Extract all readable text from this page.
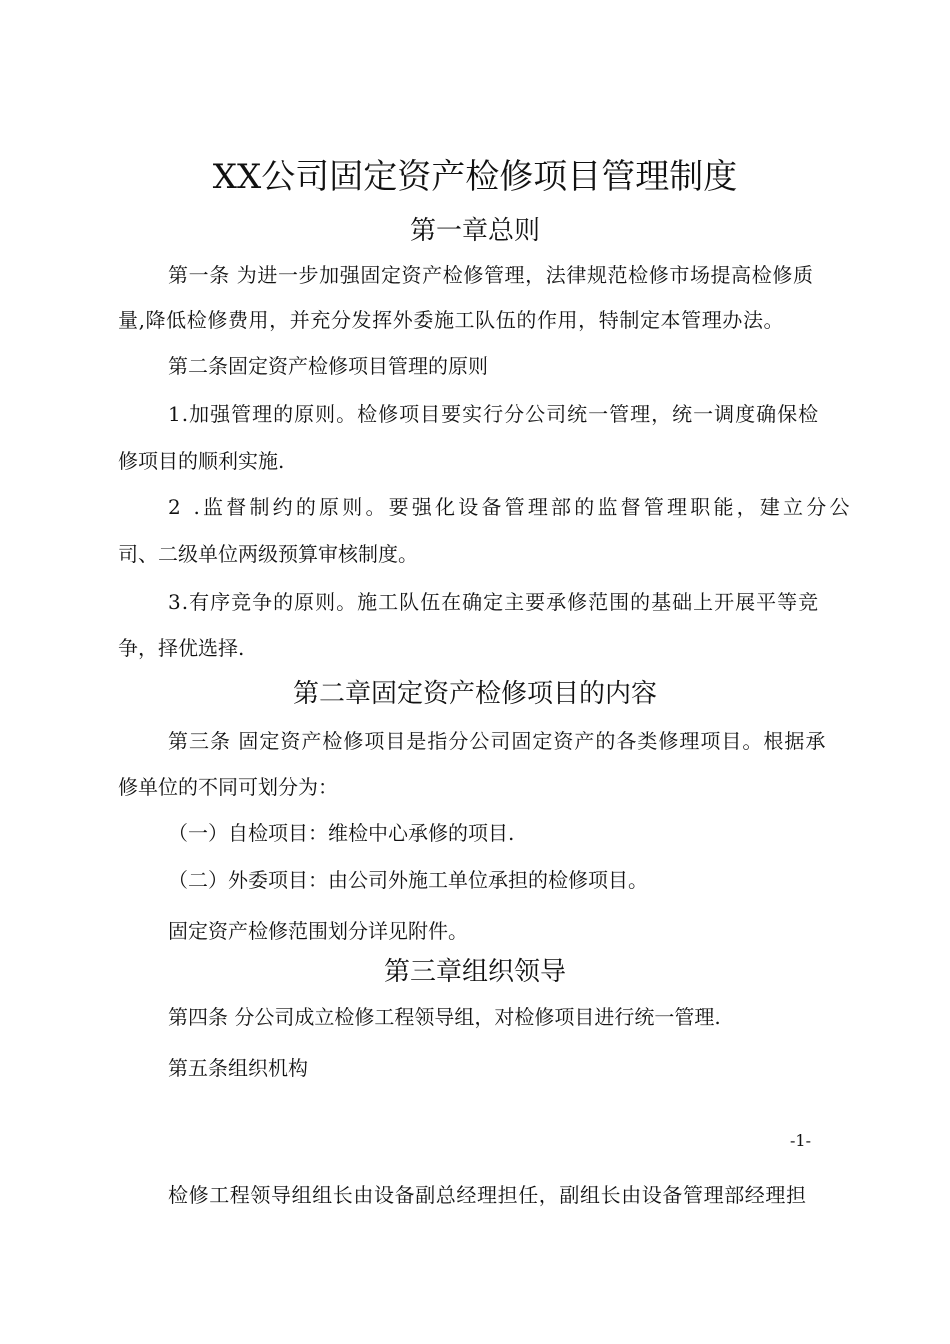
XX公司固定资产检修项目管理制度
第一章总则
第一条 为进一步加强固定资产检修管理，法律规范检修市场提高检修质
量,降低检修费用，并充分发挥外委施工队伍的作用，特制定本管理办法。
第二条固定资产检修项目管理的原则
1.加强管理的原则。检修项目要实行分公司统一管理，统一调度确保检
修项目的顺利实施.
2 .监督制约的原则。要强化设备管理部的监督管理职能，建立分公
司、二级单位两级预算审核制度。
3.有序竞争的原则。施工队伍在确定主要承修范围的基础上开展平等竞
争，择优选择.
第二章固定资产检修项目的内容
第三条 固定资产检修项目是指分公司固定资产的各类修理项目。根据承
修单位的不同可划分为：
（一）自检项目：维检中心承修的项目.
（二）外委项目：由公司外施工单位承担的检修项目。
固定资产检修范围划分详见附件。
第三章组织领导
第四条 分公司成立检修工程领导组，对检修项目进行统一管理.
第五条组织机构
-1-
检修工程领导组组长由设备副总经理担任，副组长由设备管理部经理担
